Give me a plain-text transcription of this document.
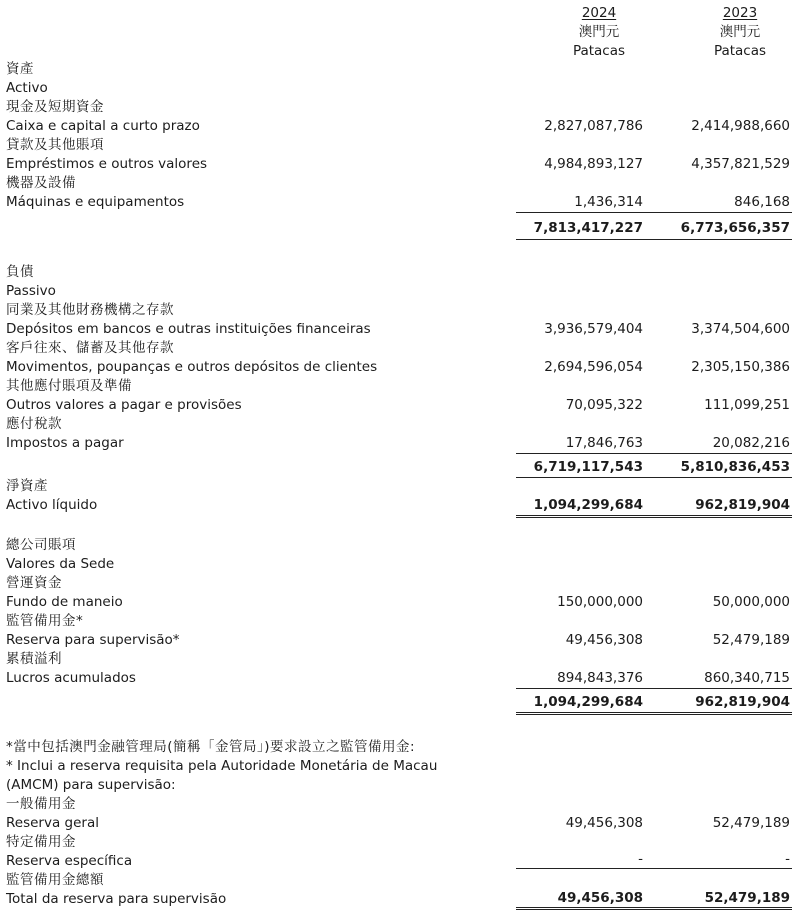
2024
澳門元
Patacas
2023
澳門元
Patacas
資產
Activo
現金及短期資金
Caixa e capital a curto prazo	2,827,087,786	2,414,988,660
貸款及其他賬項
Empréstimos e outros valores	4,984,893,127	4,357,821,529
機器及設備
Máquinas e equipamentos	1,436,314	846,168
7,813,417,227	6,773,656,357
負債
Passivo
同業及其他財務機構之存款
Depósitos em bancos e outras instituições financeiras	3,936,579,404	3,374,504,600
客戶往來、儲蓄及其他存款
Movimentos, poupanças e outros depósitos de clientes	2,694,596,054	2,305,150,386
其他應付賬項及準備
Outros valores a pagar e provisões	70,095,322	111,099,251
應付稅款
Impostos a pagar	17,846,763	20,082,216
6,719,117,543	5,810,836,453
淨資產
Activo líquido	1,094,299,684	962,819,904
總公司賬項
Valores da Sede
營運資金
Fundo de maneio	150,000,000	50,000,000
監管備用金*
Reserva para supervisão*	49,456,308	52,479,189
累積溢利
Lucros acumulados	894,843,376	860,340,715
1,094,299,684	962,819,904
*當中包括澳門金融管理局(簡稱「金管局」)要求設立之監管備用金:
* Inclui a reserva requisita pela Autoridade Monetária de Macau
(AMCM) para supervisão:
一般備用金
Reserva geral	49,456,308	52,479,189
特定備用金
Reserva específica	-	-
監管備用金總額
Total da reserva para supervisão	49,456,308	52,479,189
